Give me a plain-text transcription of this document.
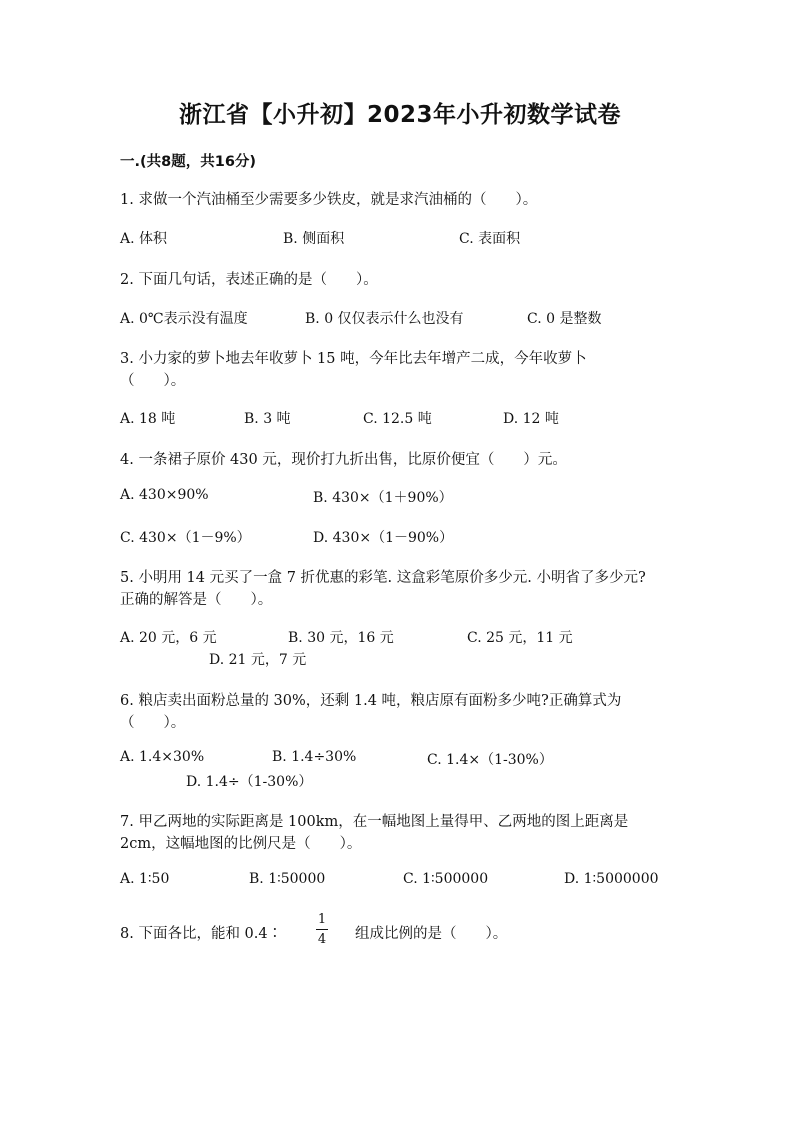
浙江省【小升初】2023年小升初数学试卷
一.(共8题，共16分)
1. 求做一个汽油桶至少需要多少铁皮，就是求汽油桶的（　　）。
A. 体积	B. 侧面积	C. 表面积
2. 下面几句话，表述正确的是（　　）。
A. 0℃表示没有温度	B. 0 仅仅表示什么也没有	C. 0 是整数
3. 小力家的萝卜地去年收萝卜 15 吨，今年比去年增产二成，今年收萝卜
（　　）。
A. 18 吨	B. 3 吨	C. 12.5 吨	D. 12 吨
4. 一条裙子原价 430 元，现价打九折出售，比原价便宜（　　）元。
A. 430×90%	B. 430×（1＋90%）
C. 430×（1－9%）	D. 430×（1－90%）
5. 小明用 14 元买了一盒 7 折优惠的彩笔. 这盒彩笔原价多少元. 小明省了多少元?
正确的解答是（　　）。
A. 20 元，6 元	B. 30 元，16 元	C. 25 元，11 元
D. 21 元，7 元
6. 粮店卖出面粉总量的 30%，还剩 1.4 吨，粮店原有面粉多少吨?正确算式为
（　　）。
A. 1.4×30%	B. 1.4÷30%	C. 1.4×（1-30%）
D. 1.4÷（1-30%）
7. 甲乙两地的实际距离是 100km，在一幅地图上量得甲、乙两地的图上距离是
2cm，这幅地图的比例尺是（　　）。
A. 1∶50	B. 1∶50000	C. 1∶500000	D. 1∶5000000
8. 下面各比，能和 0.4∶
1
4 组成比例的是（　　）。
